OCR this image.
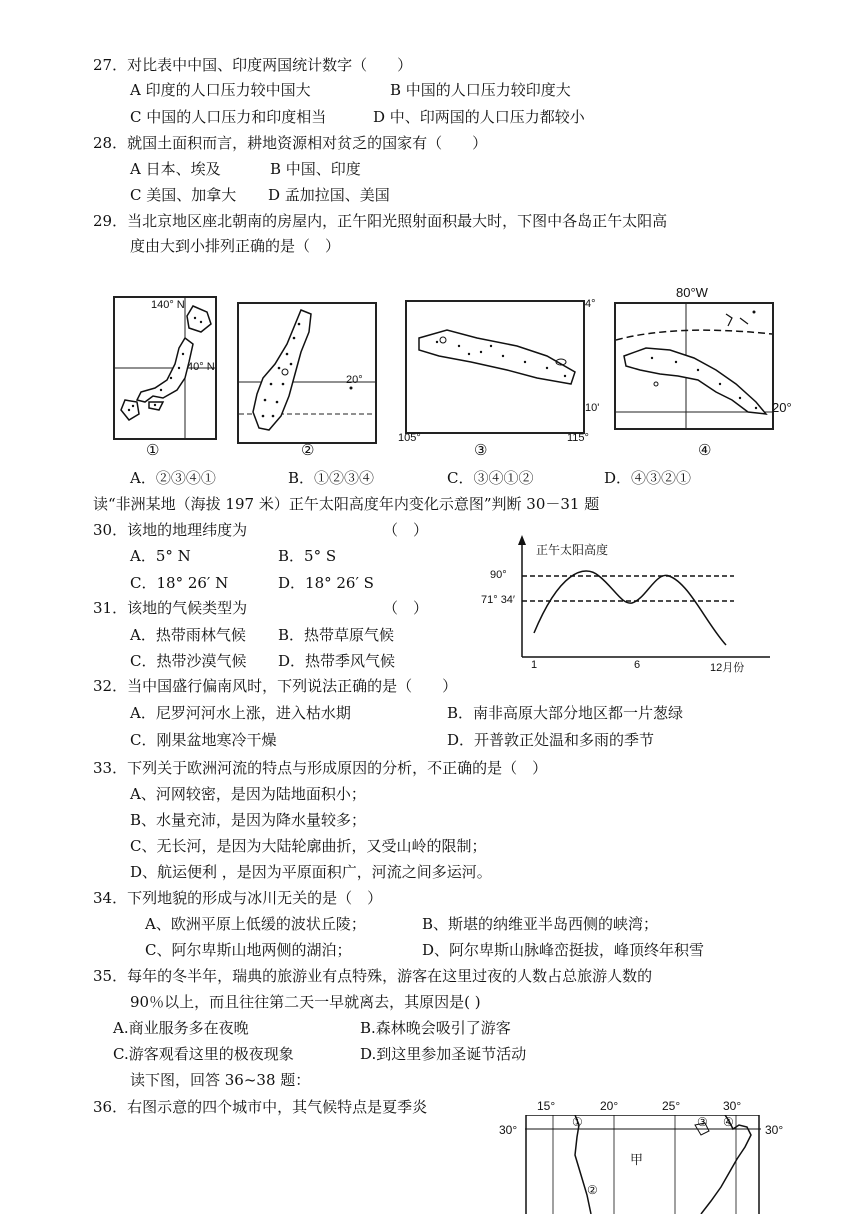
27．对比表中中国、印度两国统计数字（　　）
A 印度的人口压力较中国大	B 中国的人口压力较印度大
C 中国的人口压力和印度相当	D 中、印两国的人口压力都较小
28．就国土面积而言，耕地资源相对贫乏的国家有（　　）
A 日本、埃及	B 中国、印度
C 美国、加拿大 D 孟加拉国、美国
29．当北京地区座北朝南的房屋内，正午阳光照射面积最大时，下图中各岛正午太阳高
度由大到小排列正确的是（　）
140° N
40° N
20°
4°
10'
105°	115°
80°W
20°
①	②	③	④
A．②③④①	B．①②③④	C．③④①②	D．④③②①
读“非洲某地（海拔 197 米）正午太阳高度年内变化示意图”判断 30－31 题
30．该地的地理纬度为	（　）
A．5° N	B．5° S
C．18° 26′ N	D．18° 26′ S
31．该地的气候类型为	（　）
A．热带雨林气候 B．热带草原气候
C．热带沙漠气候 D．热带季风气候
正午太阳高度
90°
71° 34′
1	6	12月份
32．当中国盛行偏南风时，下列说法正确的是（　　）
A．尼罗河河水上涨，进入枯水期	B．南非高原大部分地区都一片葱绿
C．刚果盆地寒冷干燥	D．开普敦正处温和多雨的季节
33．下列关于欧洲河流的特点与形成原因的分析，不正确的是（　）
A、河网较密，是因为陆地面积小；
B、水量充沛，是因为降水量较多；
C、无长河，是因为大陆轮廓曲折，又受山岭的限制；
D、航运便利 ，是因为平原面积广，河流之间多运河。
34．下列地貌的形成与冰川无关的是（　）
A、欧洲平原上低缓的波状丘陵；	B、斯堪的纳维亚半岛西侧的峡湾；
C、阿尔卑斯山地两侧的湖泊；	D、阿尔卑斯山脉峰峦挺拔，峰顶终年积雪
35．每年的冬半年，瑞典的旅游业有点特殊，游客在这里过夜的人数占总旅游人数的
90％以上，而且往往第二天一早就离去，其原因是( )
A.商业服务多在夜晚	B.森林晚会吸引了游客
C.游客观看这里的极夜现象	D.到这里参加圣诞节活动
读下图，回答 36~38 题：
36．右图示意的四个城市中，其气候特点是夏季炎	15°	20°	25°	30°
30°	30°
①
甲
②
③ ④
